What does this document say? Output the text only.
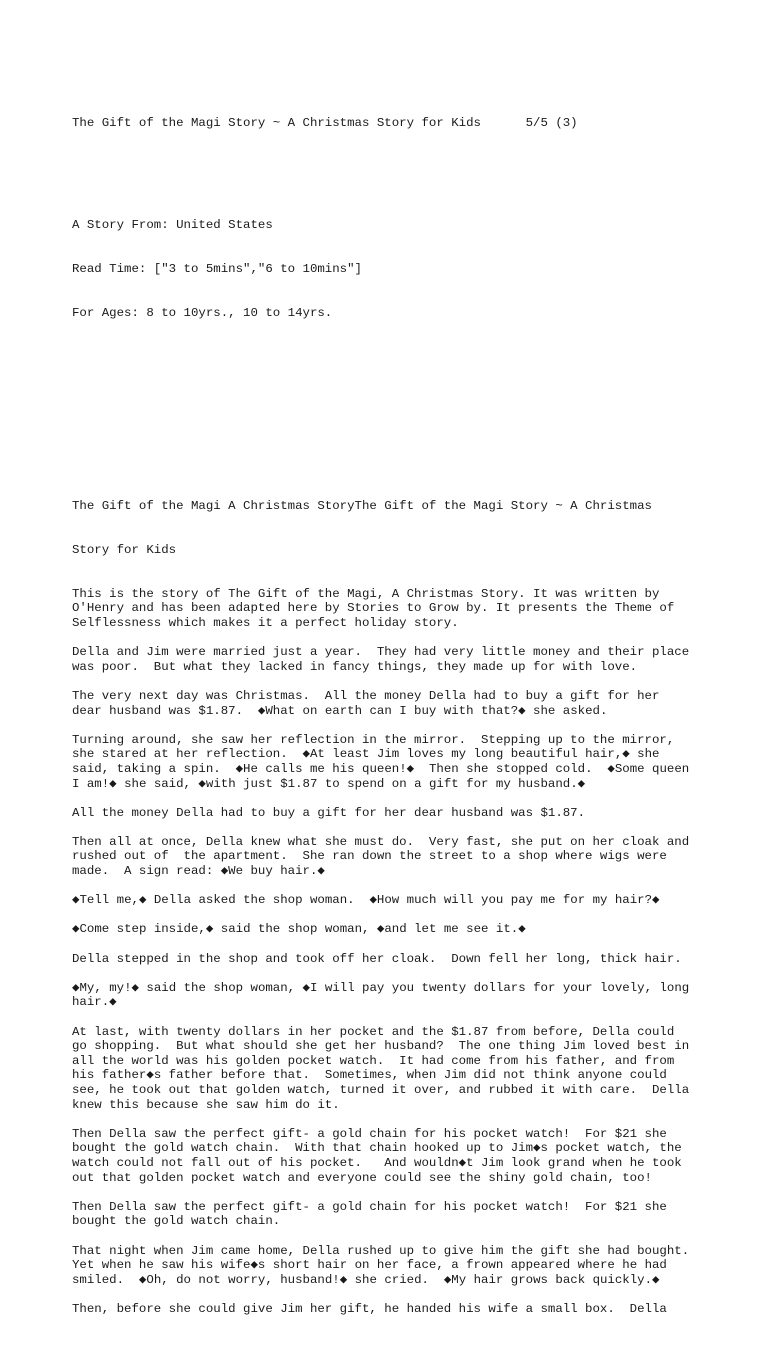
The Gift of the Magi Story ~ A Christmas Story for Kids      5/5 (3)

A Story From: United States

Read Time: ["3 to 5mins","6 to 10mins"]

For Ages: 8 to 10yrs., 10 to 14yrs.

The Gift of the Magi A Christmas StoryThe Gift of the Magi Story ~ A Christmas

Story for Kids

This is the story of The Gift of the Magi, A Christmas Story. It was written by
O'Henry and has been adapted here by Stories to Grow by. It presents the Theme of
Selflessness which makes it a perfect holiday story.
Della and Jim were married just a year.  They had very little money and their place
was poor.  But what they lacked in fancy things, they made up for with love.
The very next day was Christmas.  All the money Della had to buy a gift for her
dear husband was $1.87.  ◆What on earth can I buy with that?◆ she asked.
Turning around, she saw her reflection in the mirror.  Stepping up to the mirror,
she stared at her reflection.  ◆At least Jim loves my long beautiful hair,◆ she
said, taking a spin.  ◆He calls me his queen!◆  Then she stopped cold.  ◆Some queen
I am!◆ she said, ◆with just $1.87 to spend on a gift for my husband.◆
All the money Della had to buy a gift for her dear husband was $1.87.
Then all at once, Della knew what she must do.  Very fast, she put on her cloak and
rushed out of  the apartment.  She ran down the street to a shop where wigs were
made.  A sign read: ◆We buy hair.◆
◆Tell me,◆ Della asked the shop woman.  ◆How much will you pay me for my hair?◆
◆Come step inside,◆ said the shop woman, ◆and let me see it.◆
Della stepped in the shop and took off her cloak.  Down fell her long, thick hair.
◆My, my!◆ said the shop woman, ◆I will pay you twenty dollars for your lovely, long
hair.◆
At last, with twenty dollars in her pocket and the $1.87 from before, Della could
go shopping.  But what should she get her husband?  The one thing Jim loved best in
all the world was his golden pocket watch.  It had come from his father, and from
his father◆s father before that.  Sometimes, when Jim did not think anyone could
see, he took out that golden watch, turned it over, and rubbed it with care.  Della
knew this because she saw him do it.
Then Della saw the perfect gift- a gold chain for his pocket watch!  For $21 she
bought the gold watch chain.  With that chain hooked up to Jim◆s pocket watch, the
watch could not fall out of his pocket.   And wouldn◆t Jim look grand when he took
out that golden pocket watch and everyone could see the shiny gold chain, too!
Then Della saw the perfect gift- a gold chain for his pocket watch!  For $21 she
bought the gold watch chain.
That night when Jim came home, Della rushed up to give him the gift she had bought.
Yet when he saw his wife◆s short hair on her face, a frown appeared where he had
smiled.  ◆Oh, do not worry, husband!◆ she cried.  ◆My hair grows back quickly.◆
Then, before she could give Jim her gift, he handed his wife a small box.  Della
